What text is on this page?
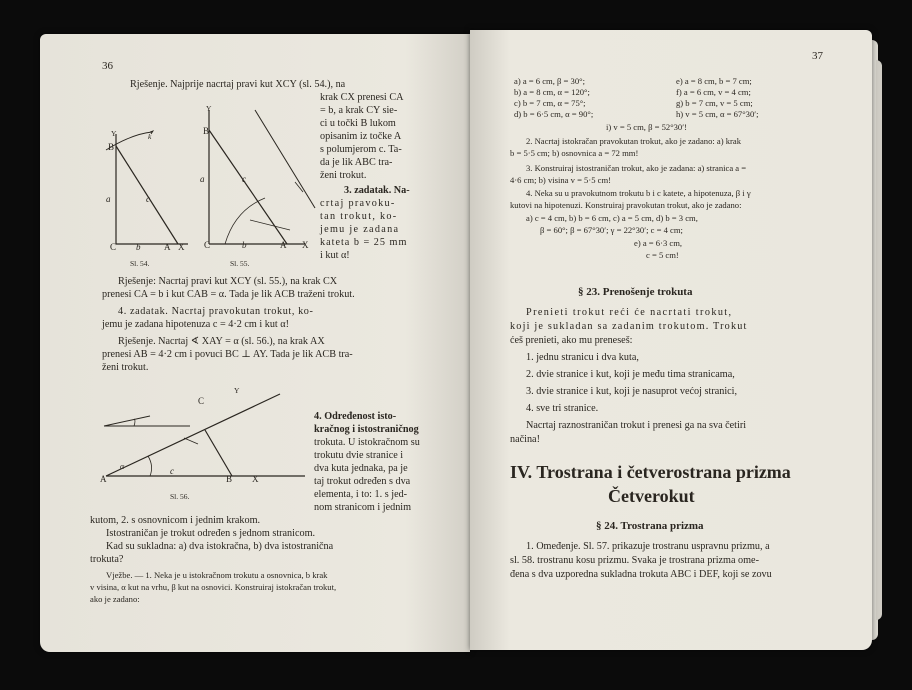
36
Rješenje. Najprije nacrtaj pravi kut XCY (sl. 54.), na
krak CX prenesi CA
= b, a krak CY sie-
ci u točki B lukom
opisanim iz točke A
s polumjerom c. Ta-
da je lik ABC tra-
ženi trokut.
3. zadatak. Na-
crtaj pravoku-
tan trokut, ko-
jemu je zadana
kateta b = 25 mm
i kut α!
Y	k
B
a	c
C b	A X
Sl. 54.
Y
B
a	c
C	b	A X
Sl. 55.
Rješenje: Nacrtaj pravi kut XCY (sl. 55.), na krak CX
prenesi CA = b i kut CAB = α. Tada je lik ACB traženi trokut.
4. zadatak. Nacrtaj pravokutan trokut, ko-
jemu je zadana hipotenuza c = 4·2 cm i kut α!
Rješenje. Nacrtaj ∢ XAY = α (sl. 56.), na krak AX
prenesi AB = 4·2 cm i povuci BC ⊥ AY. Tada je lik ACB tra-
ženi trokut.
Y
C
A
c
B X
α
Sl. 56.
4. Određenost isto-
kračnog i istostraničnog
trokuta. U istokračnom su
trokutu dvie stranice i
dva kuta jednaka, pa je
taj trokut određen s dva
elementa, i to: 1. s jed-
nom stranicom i jednim
kutom, 2. s osnovnicom i jednim krakom.
Istostraničan je trokut određen s jednom stranicom.
Kad su sukladna: a) dva istokračna, b) dva istostranična
trokuta?
Vježbe. — 1. Neka je u istokračnom trokutu a osnovnica, b krak
v visina, α kut na vrhu, β kut na osnovici. Konstruiraj istokračan trokut,
ako je zadano:
37
a) a = 6 cm, β = 30°;
b) a = 8 cm, α = 120°;
c) b = 7 cm, α = 75°;
d) b = 6·5 cm, α = 90°;
e) a = 8 cm, b = 7 cm;
f) a = 6 cm, v = 4 cm;
g) b = 7 cm, v = 5 cm;
h) v = 5 cm, α = 67°30′;
i) v = 5 cm, β = 52°30′!
2. Nacrtaj istokračan pravokutan trokut, ako je zadano: a) krak
b = 5·5 cm; b) osnovnica a = 72 mm!
3. Konstruiraj istostraničan trokut, ako je zadana: a) stranica a =
4·6 cm; b) visina v = 5·5 cm!
4. Neka su u pravokutnom trokutu b i c katete, a hipotenuza, β i γ
kutovi na hipotenuzi. Konstruiraj pravokutan trokut, ako je zadano:
a) c = 4 cm, b) b = 6 cm, c) a = 5 cm, d) b = 3 cm,
β = 60°; β = 67°30′; γ = 22°30′; c = 4 cm;
e) a = 6·3 cm,
c = 5 cm!
§ 23. Prenošenje trokuta
Prenieti trokut reći će nacrtati trokut,
koji je sukladan sa zadanim trokutom. Trokut
ćeš prenieti, ako mu preneseš:
1. jednu stranicu i dva kuta,
2. dvie stranice i kut, koji je među tima stranicama,
3. dvie stranice i kut, koji je nasuprot većoj stranici,
4. sve tri stranice.
Nacrtaj raznostraničan trokut i prenesi ga na sva četiri
načina!
IV. Trostrana i četverostrana prizma
Četverokut
§ 24. Trostrana prizma
1. Omeđenje. Sl. 57. prikazuje trostranu uspravnu prizmu, a
sl. 58. trostranu kosu prizmu. Svaka je trostrana prizma ome-
đena s dva uzporedna sukladna trokuta ABC i DEF, koji se zovu
